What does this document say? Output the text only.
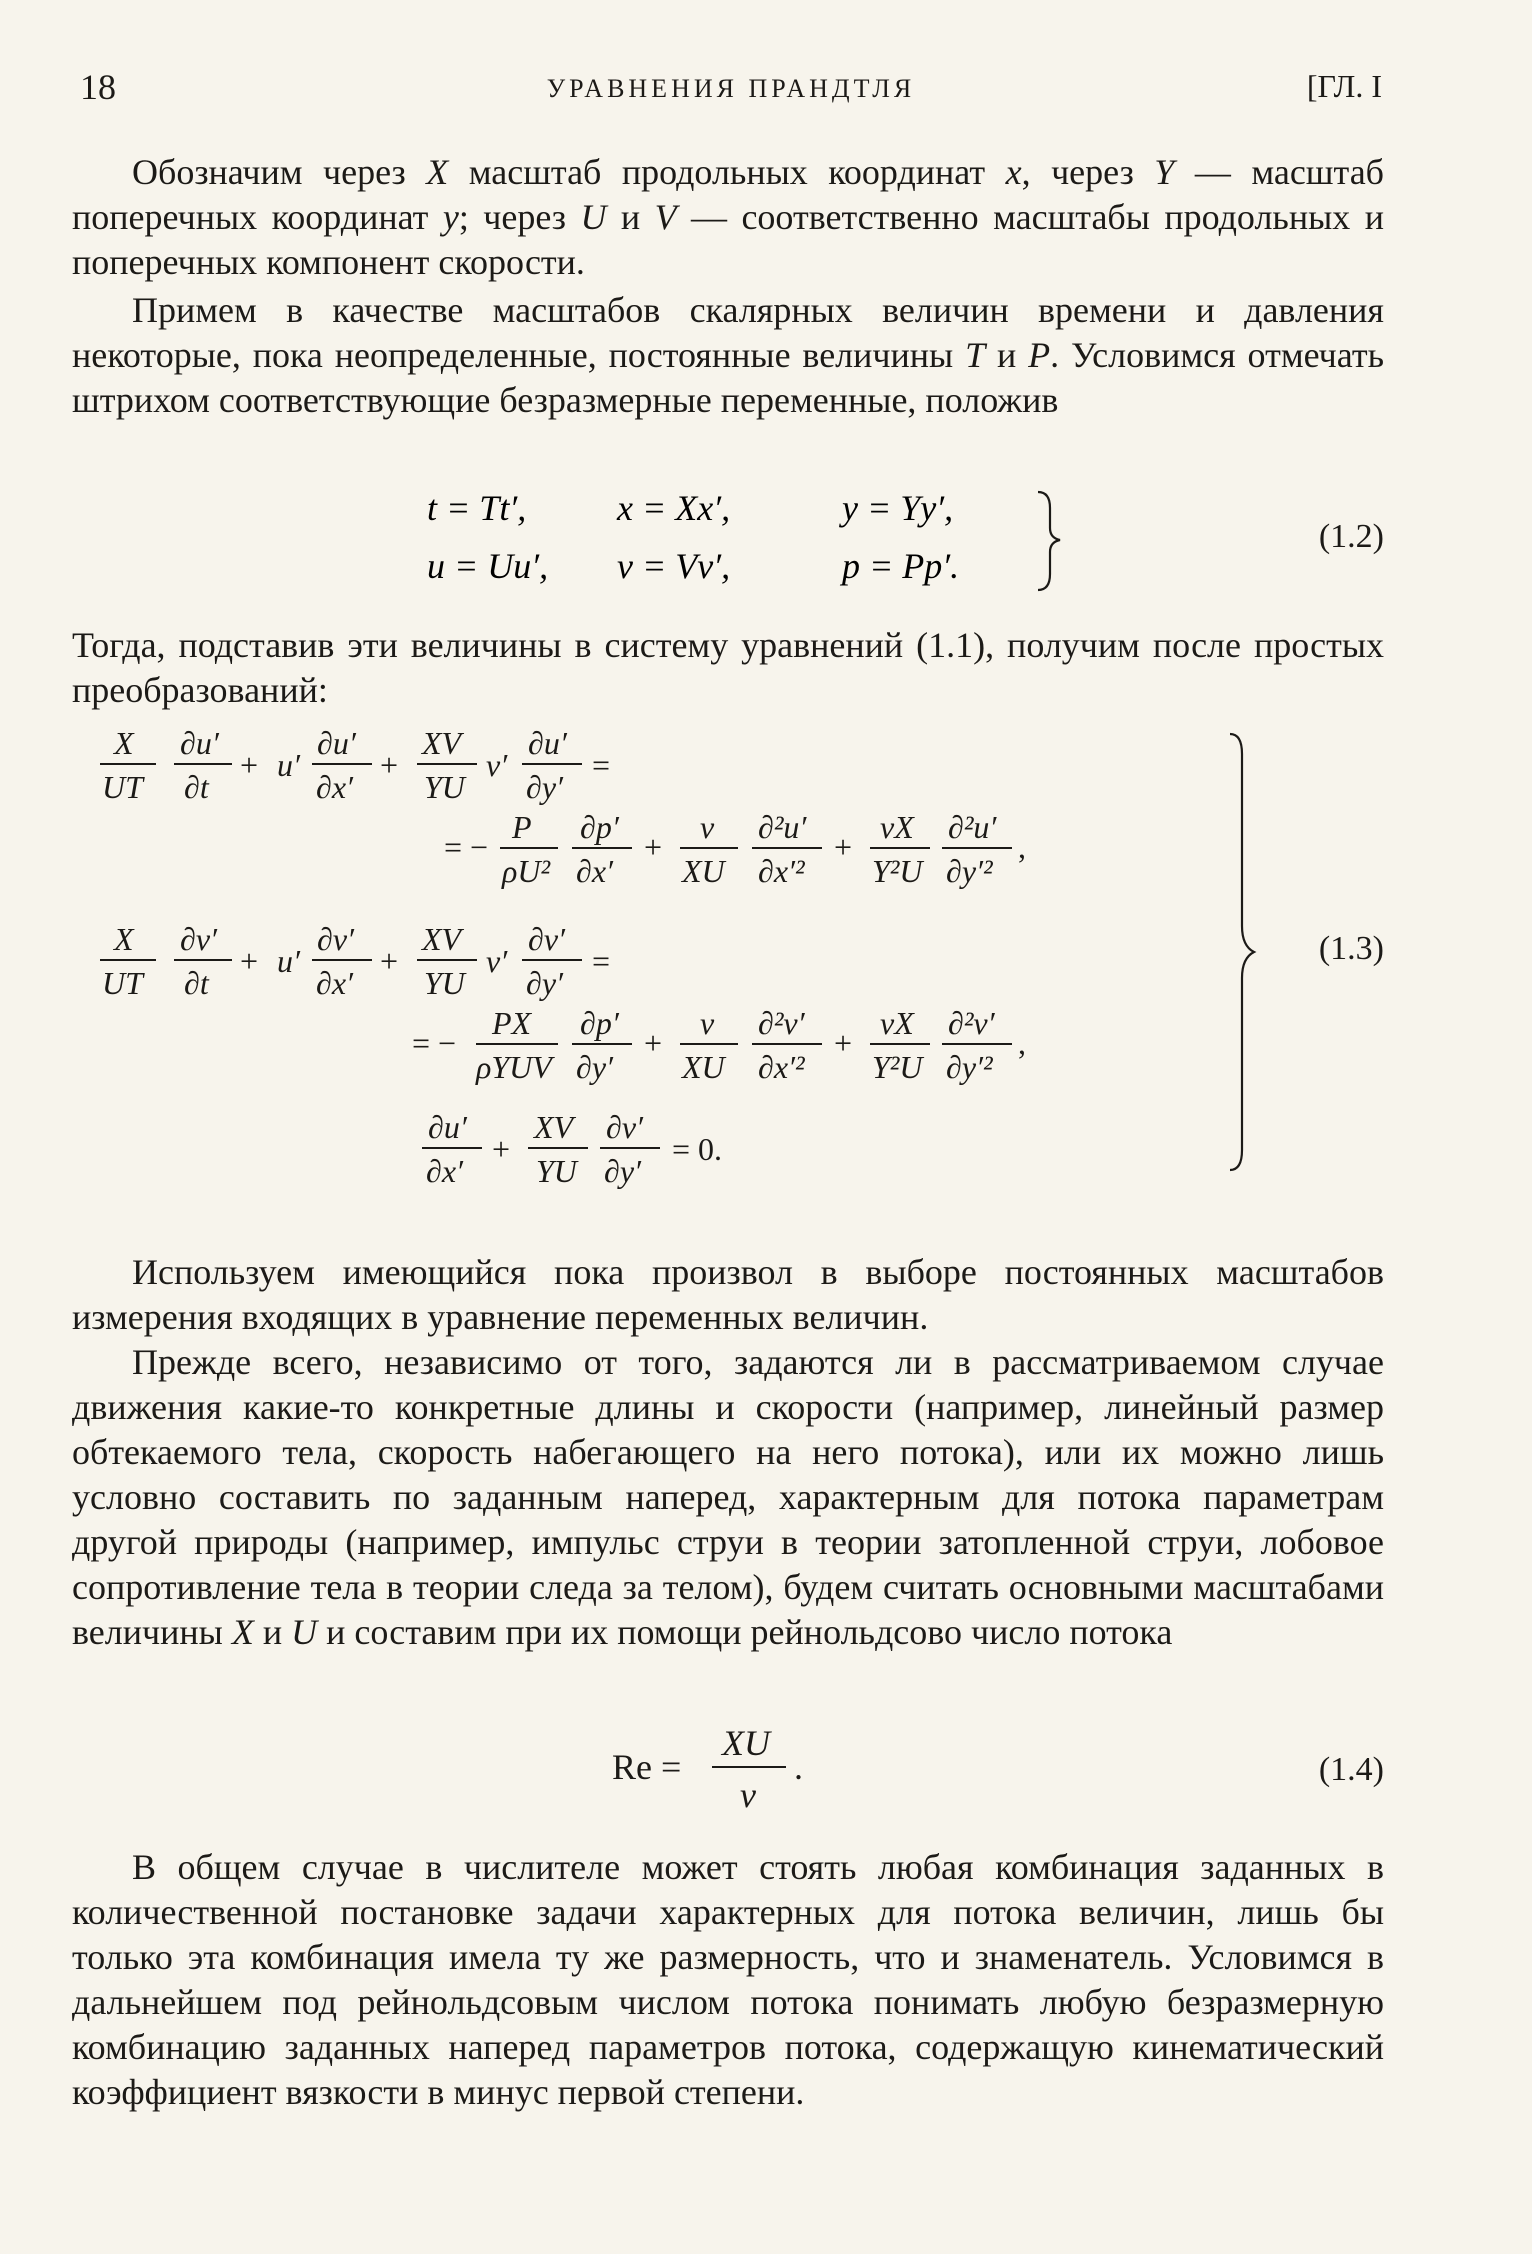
18	УРАВНЕНИЯ ПРАНДТЛЯ	[ГЛ. I

Обозначим через X масштаб продольных координат x, через Y — масштаб поперечных координат y; через U и V — соответственно масштабы продольных и поперечных компонент скорости.

Примем в качестве масштабов скалярных величин времени и давления некоторые, пока неопределенные, постоянные величины T и P. Условимся отмечать штрихом соответствующие безразмерные переменные, положив

t = Tt′,	x = Xx′,	y = Yy′,
u = Uu′, v = Vv′,	p = Pp′.
(1.2)

Тогда, подставив эти величины в систему уравнений (1.1), получим после простых преобразований:

X
UT
∂u′
∂t
+ u′
∂u′
∂x′
+
XV
YU
v′
∂u′
∂y′
=
= −
P
ρU²
∂p′
∂x′
+
ν
XU
∂²u′
∂x′²
+
νX
Y²U
∂²u′
∂y′²
,
X
UT
∂v′
∂t
+ u′
∂v′
∂x′
+
XV
YU
v′
∂v′
∂y′
=
= −
PX
ρYUV
∂p′
∂y′
+
ν
XU
∂²v′
∂x′²
+
νX
Y²U
∂²v′
∂y′²
,
∂u′
∂x′
+
XV
YU
∂v′
∂y′
= 0.
(1.3)

Используем имеющийся пока произвол в выборе постоянных масштабов измерения входящих в уравнение переменных величин.

Прежде всего, независимо от того, задаются ли в рассматриваемом случае движения какие-то конкретные длины и скорости (например, линейный размер обтекаемого тела, скорость набегающего на него потока), или их можно лишь условно составить по заданным наперед, характерным для потока параметрам другой природы (например, импульс струи в теории затопленной струи, лобовое сопротивление тела в теории следа за телом), будем считать основными масштабами величины X и U и составим при их помощи рейнольдсово число потока

Re =
XU
ν
.	(1.4)

В общем случае в числителе может стоять любая комбинация заданных в количественной постановке задачи характерных для потока величин, лишь бы только эта комбинация имела ту же размерность, что и знаменатель. Условимся в дальнейшем под рейнольдсовым числом потока понимать любую безразмерную комбинацию заданных наперед параметров потока, содержащую кинематический коэффициент вязкости в минус первой степени.
